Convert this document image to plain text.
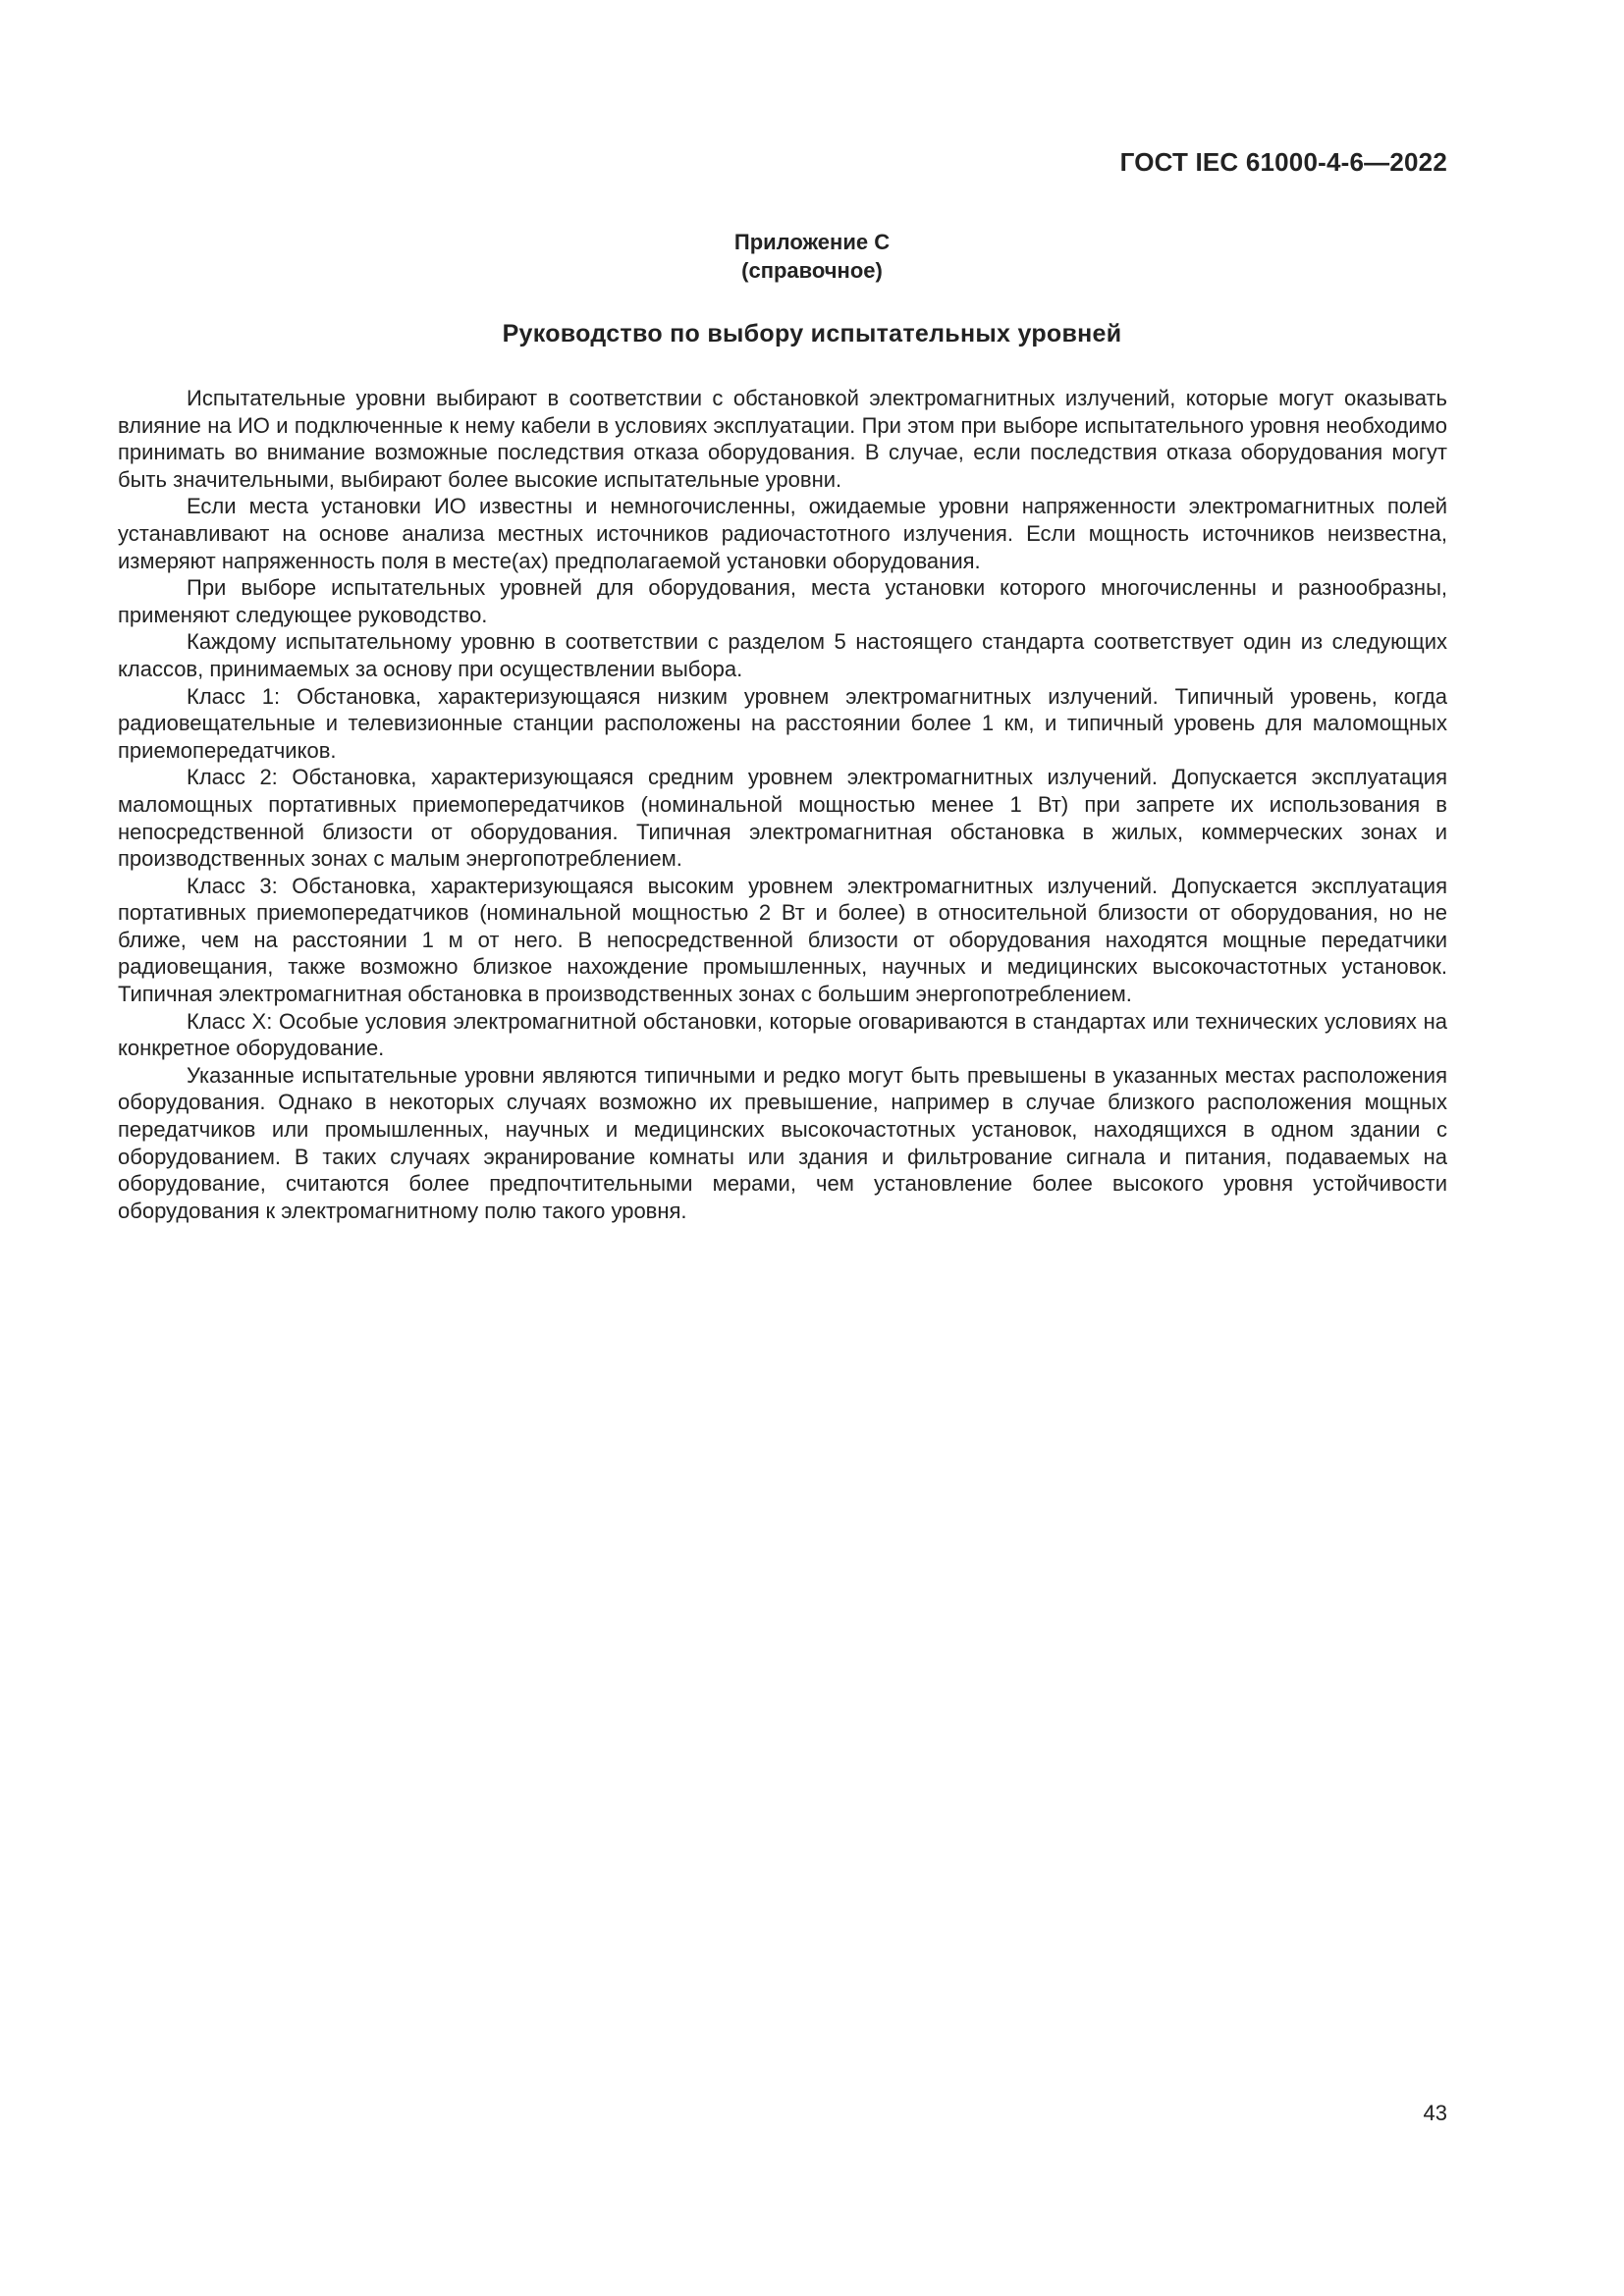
ГОСТ IEC 61000-4-6—2022
Приложение С
(справочное)
Руководство по выбору испытательных уровней

Испытательные уровни выбирают в соответствии с обстановкой электромагнитных излучений, которые могут оказывать влияние на ИО и подключенные к нему кабели в условиях эксплуатации. При этом при выборе испытательного уровня необходимо принимать во внимание возможные последствия отказа оборудования. В случае, если последствия отказа оборудования могут быть значительными, выбирают более высокие испытательные уровни.

Если места установки ИО известны и немногочисленны, ожидаемые уровни напряженности электромагнитных полей устанавливают на основе анализа местных источников радиочастотного излучения. Если мощность источников неизвестна, измеряют напряженность поля в месте(ах) предполагаемой установки оборудования.

При выборе испытательных уровней для оборудования, места установки которого многочисленны и разнообразны, применяют следующее руководство.

Каждому испытательному уровню в соответствии с разделом 5 настоящего стандарта соответствует один из следующих классов, принимаемых за основу при осуществлении выбора.

Класс 1: Обстановка, характеризующаяся низким уровнем электромагнитных излучений. Типичный уровень, когда радиовещательные и телевизионные станции расположены на расстоянии более 1 км, и типичный уровень для маломощных приемопередатчиков.

Класс 2: Обстановка, характеризующаяся средним уровнем электромагнитных излучений. Допускается эксплуатация маломощных портативных приемопередатчиков (номинальной мощностью менее 1 Вт) при запрете их использования в непосредственной близости от оборудования. Типичная электромагнитная обстановка в жилых, коммерческих зонах и производственных зонах с малым энергопотреблением.

Класс 3: Обстановка, характеризующаяся высоким уровнем электромагнитных излучений. Допускается эксплуатация портативных приемопередатчиков (номинальной мощностью 2 Вт и более) в относительной близости от оборудования, но не ближе, чем на расстоянии 1 м от него. В непосредственной близости от оборудования находятся мощные передатчики радиовещания, также возможно близкое нахождение промышленных, научных и медицинских высокочастотных установок. Типичная электромагнитная обстановка в производственных зонах с большим энергопотреблением.

Класс X: Особые условия электромагнитной обстановки, которые оговариваются в стандартах или технических условиях на конкретное оборудование.

Указанные испытательные уровни являются типичными и редко могут быть превышены в указанных местах расположения оборудования. Однако в некоторых случаях возможно их превышение, например в случае близкого расположения мощных передатчиков или промышленных, научных и медицинских высокочастотных установок, находящихся в одном здании с оборудованием. В таких случаях экранирование комнаты или здания и фильтрование сигнала и питания, подаваемых на оборудование, считаются более предпочтительными мерами, чем установление более высокого уровня устойчивости оборудования к электромагнитному полю такого уровня.

43
